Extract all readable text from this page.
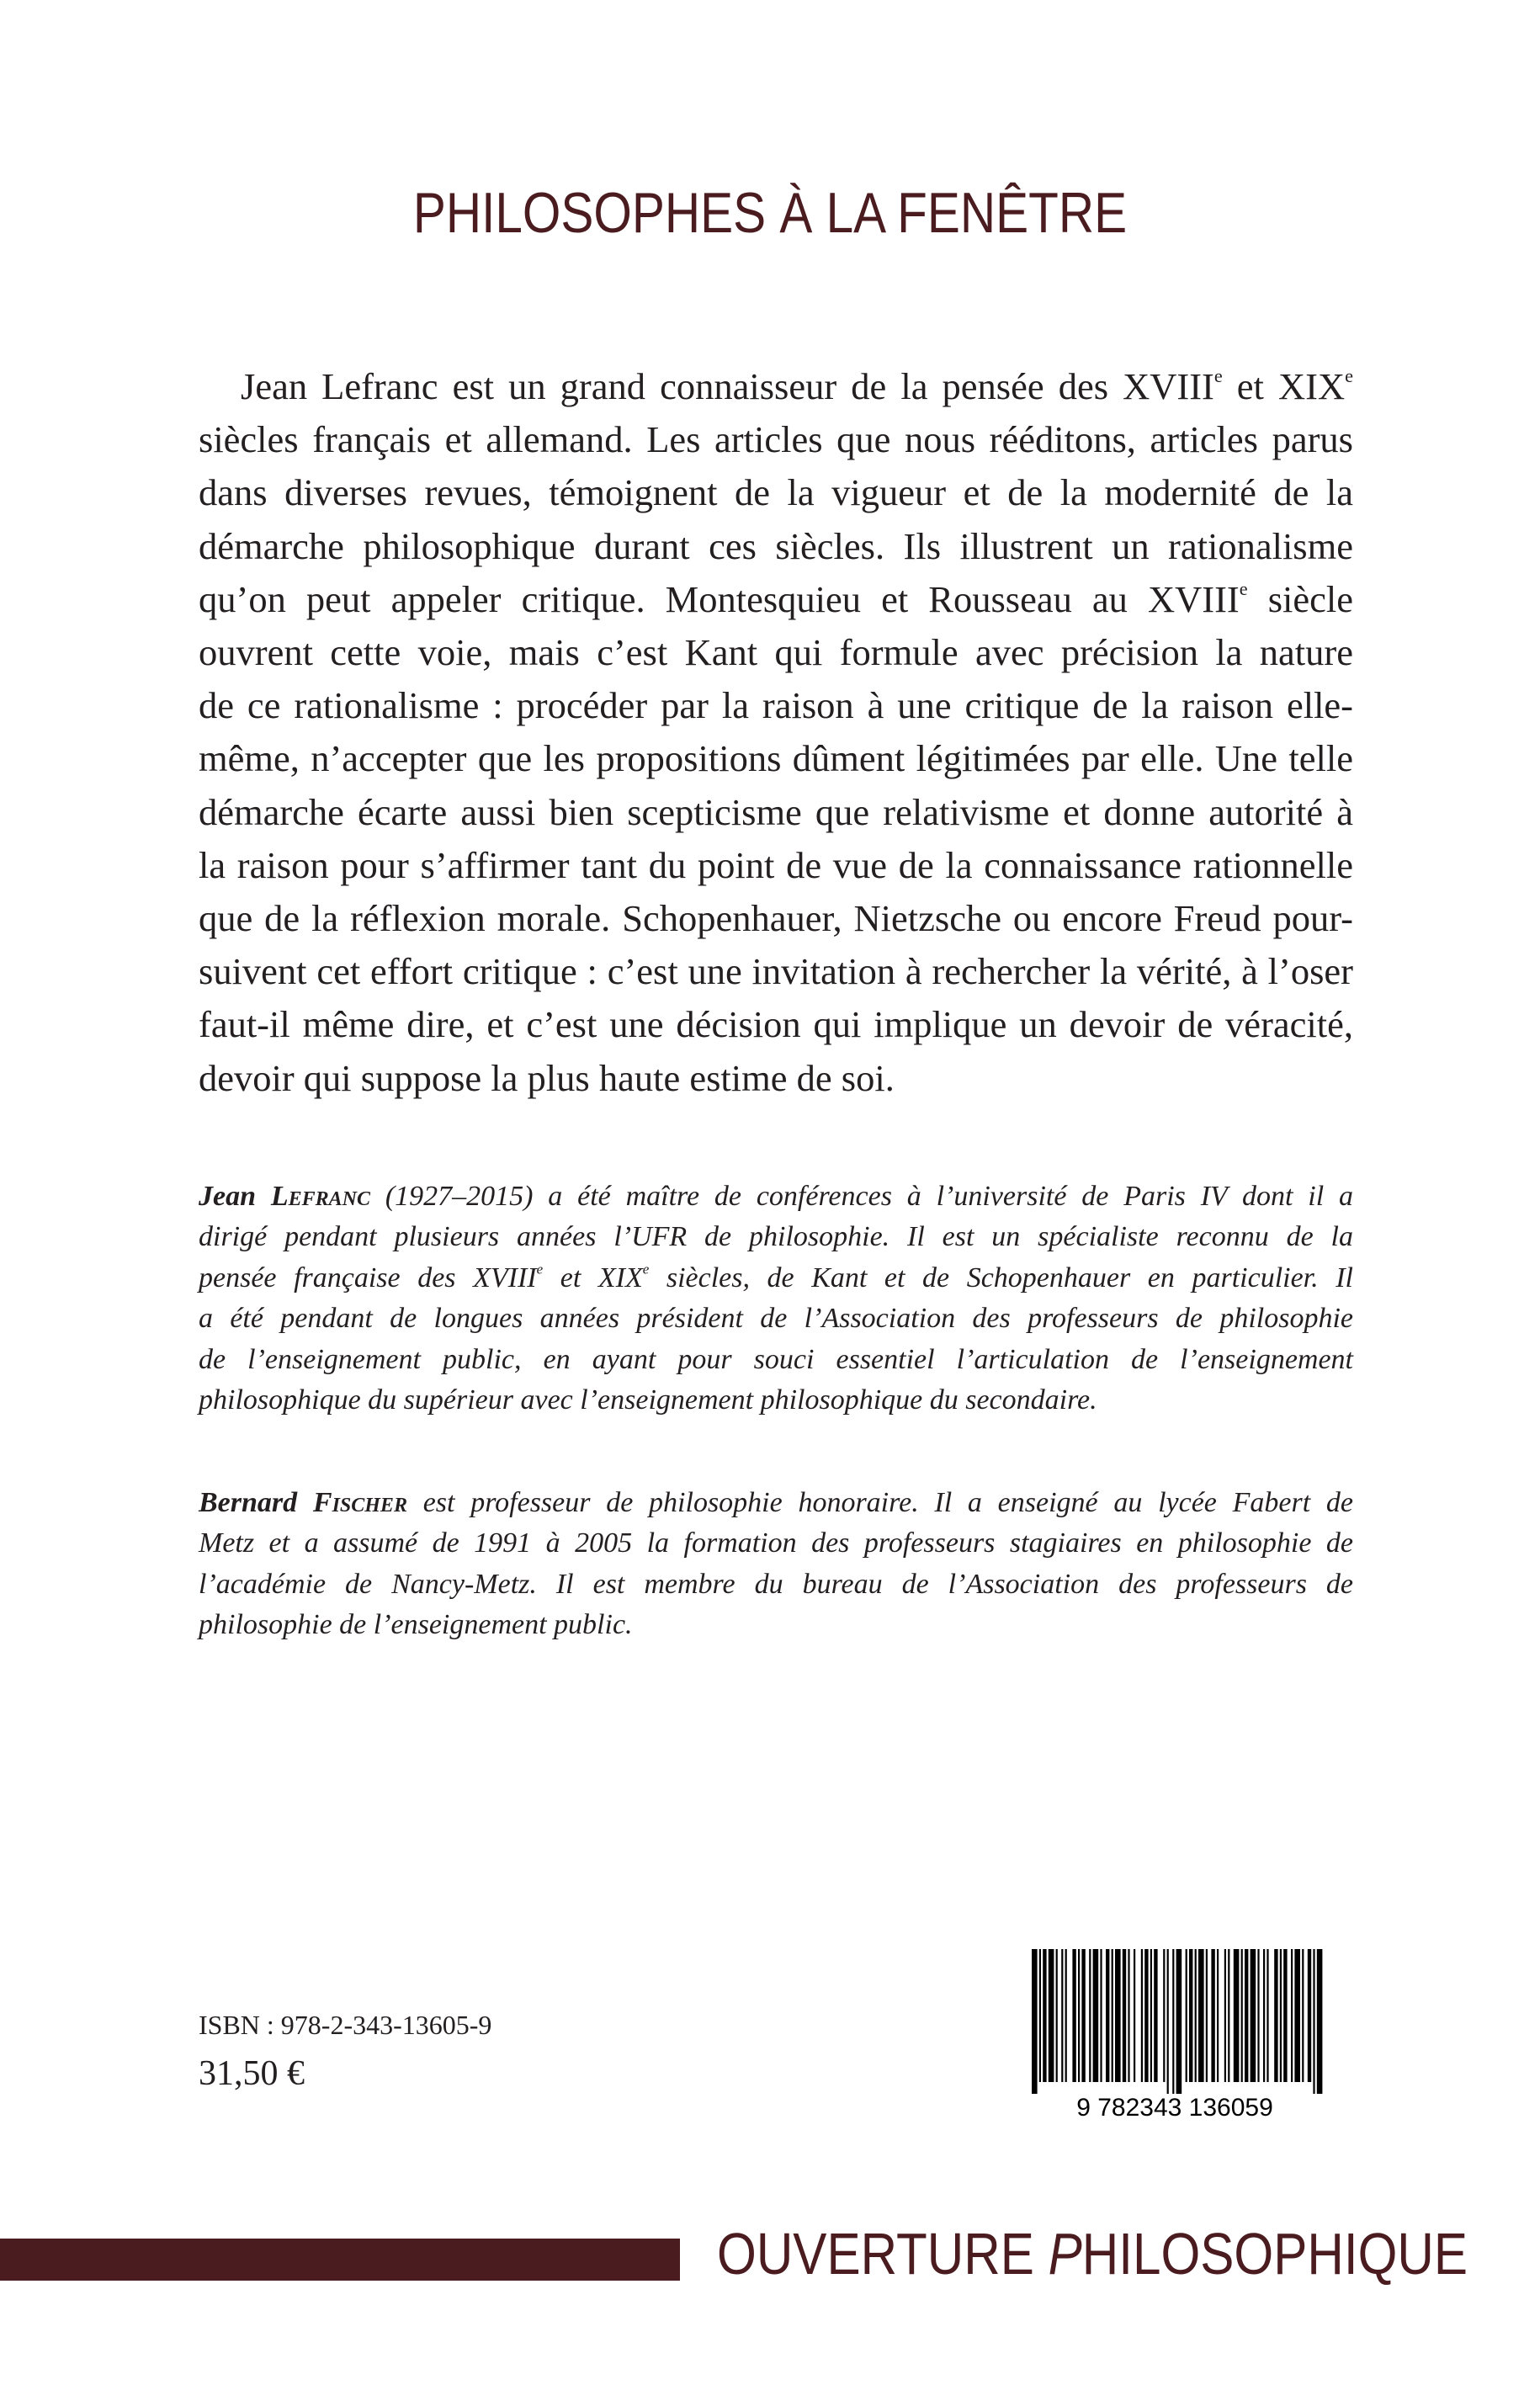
PHILOSOPHES À LA FENÊTRE
Jean Lefranc est un grand connaisseur de la pensée des XVIIIe et XIXe
siècles français et allemand. Les articles que nous rééditons, articles parus
dans diverses revues, témoignent de la vigueur et de la modernité de la
démarche philosophique durant ces siècles. Ils illustrent un rationalisme
qu’on peut appeler critique. Montesquieu et Rousseau au XVIIIe siècle
ouvrent cette voie, mais c’est Kant qui formule avec précision la nature
de ce rationalisme : procéder par la raison à une critique de la raison elle-
même, n’accepter que les propositions dûment légitimées par elle. Une telle
démarche écarte aussi bien scepticisme que relativisme et donne autorité à
la raison pour s’affirmer tant du point de vue de la connaissance rationnelle
que de la réflexion morale. Schopenhauer, Nietzsche ou encore Freud pour-
suivent cet effort critique : c’est une invitation à rechercher la vérité, à l’oser
faut-il même dire, et c’est une décision qui implique un devoir de véracité,
devoir qui suppose la plus haute estime de soi.
Jean Lefranc (1927–2015) a été maître de conférences à l’université de Paris IV dont il a
dirigé pendant plusieurs années l’UFR de philosophie. Il est un spécialiste reconnu de la
pensée française des XVIIIe et XIXe siècles, de Kant et de Schopenhauer en particulier. Il
a été pendant de longues années président de l’Association des professeurs de philosophie
de l’enseignement public, en ayant pour souci essentiel l’articulation de l’enseignement
philosophique du supérieur avec l’enseignement philosophique du secondaire.
Bernard Fischer est professeur de philosophie honoraire. Il a enseigné au lycée Fabert de
Metz et a assumé de 1991 à 2005 la formation des professeurs stagiaires en philosophie de
l’académie de Nancy-Metz. Il est membre du bureau de l’Association des professeurs de
philosophie de l’enseignement public.

ISBN : 978-2-343-13605-9

31,50 €

9 782343 136059

OUVERTURE PHILOSOPHIQUE
